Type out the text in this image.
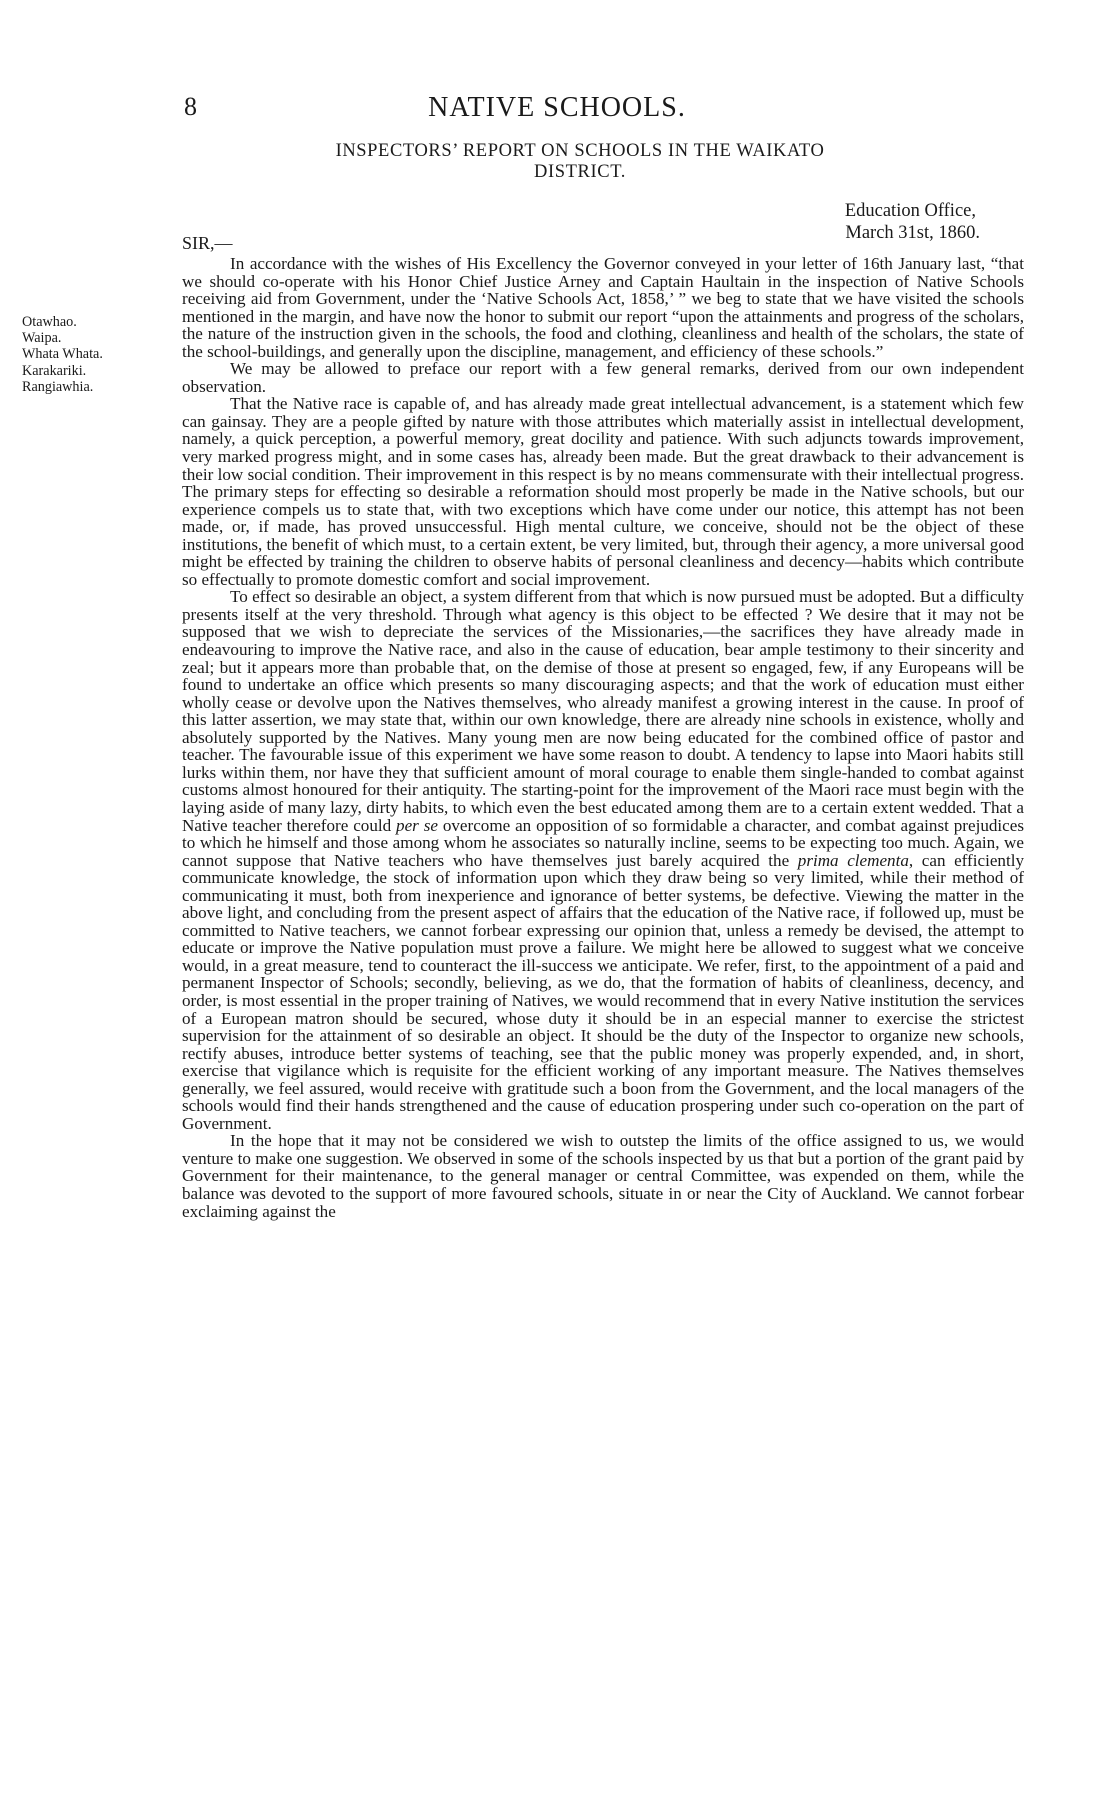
8	NATIVE SCHOOLS.
INSPECTORS’ REPORT ON SCHOOLS IN THE WAIKATO DISTRICT.
Education Office,
March 31st, 1860.
SIR,—
Otawhao.
Waipa.
Whata Whata.
Karakariki.
Rangiawhia.

In accordance with the wishes of His Excellency the Governor conveyed in your letter of 16th January last, “that we should co-operate with his Honor Chief Justice Arney and Captain Haultain in the inspection of Native Schools receiving aid from Government, under the ‘Native Schools Act, 1858,’ ” we beg to state that we have visited the schools mentioned in the margin, and have now the honor to submit our report “upon the attainments and progress of the scholars, the nature of the instruction given in the schools, the food and clothing, cleanliness and health of the scholars, the state of the school-buildings, and generally upon the discipline, management, and efficiency of these schools.”

We may be allowed to preface our report with a few general remarks, derived from our own independent observation.

That the Native race is capable of, and has already made great intellectual advancement, is a statement which few can gainsay. They are a people gifted by nature with those attributes which materially assist in intellectual development, namely, a quick perception, a powerful memory, great docility and patience. With such adjuncts towards improvement, very marked progress might, and in some cases has, already been made. But the great drawback to their advancement is their low social condition. Their improvement in this respect is by no means commensurate with their intellectual progress. The primary steps for effecting so desirable a reformation should most properly be made in the Native schools, but our experience compels us to state that, with two exceptions which have come under our notice, this attempt has not been made, or, if made, has proved unsuccessful. High mental culture, we conceive, should not be the object of these institutions, the benefit of which must, to a certain extent, be very limited, but, through their agency, a more universal good might be effected by training the children to observe habits of personal cleanliness and decency—habits which contribute so effectually to promote domestic comfort and social improvement.

To effect so desirable an object, a system different from that which is now pursued must be adopted. But a difficulty presents itself at the very threshold. Through what agency is this object to be effected ? We desire that it may not be supposed that we wish to depreciate the services of the Missionaries,—the sacrifices they have already made in endeavouring to improve the Native race, and also in the cause of education, bear ample testimony to their sincerity and zeal; but it appears more than probable that, on the demise of those at present so engaged, few, if any Europeans will be found to undertake an office which presents so many discouraging aspects; and that the work of education must either wholly cease or devolve upon the Natives themselves, who already manifest a growing interest in the cause. In proof of this latter assertion, we may state that, within our own knowledge, there are already nine schools in existence, wholly and absolutely supported by the Natives. Many young men are now being educated for the combined office of pastor and teacher. The favourable issue of this experiment we have some reason to doubt. A tendency to lapse into Maori habits still lurks within them, nor have they that sufficient amount of moral courage to enable them single-handed to combat against customs almost honoured for their antiquity. The starting-point for the improvement of the Maori race must begin with the laying aside of many lazy, dirty habits, to which even the best educated among them are to a certain extent wedded. That a Native teacher therefore could per se overcome an opposition of so formidable a character, and combat against prejudices to which he himself and those among whom he associates so naturally incline, seems to be expecting too much. Again, we cannot suppose that Native teachers who have themselves just barely acquired the prima clementa, can efficiently communicate knowledge, the stock of information upon which they draw being so very limited, while their method of communicating it must, both from inexperience and ignorance of better systems, be defective. Viewing the matter in the above light, and concluding from the present aspect of affairs that the education of the Native race, if followed up, must be committed to Native teachers, we cannot forbear expressing our opinion that, unless a remedy be devised, the attempt to educate or improve the Native population must prove a failure. We might here be allowed to suggest what we conceive would, in a great measure, tend to counteract the ill-success we anticipate. We refer, first, to the appointment of a paid and permanent Inspector of Schools; secondly, believing, as we do, that the formation of habits of cleanliness, decency, and order, is most essential in the proper training of Natives, we would recommend that in every Native institution the services of a European matron should be secured, whose duty it should be in an especial manner to exercise the strictest supervision for the attainment of so desirable an object. It should be the duty of the Inspector to organize new schools, rectify abuses, introduce better systems of teaching, see that the public money was properly expended, and, in short, exercise that vigilance which is requisite for the efficient working of any important measure. The Natives themselves generally, we feel assured, would receive with gratitude such a boon from the Government, and the local managers of the schools would find their hands strengthened and the cause of education prospering under such co-operation on the part of Government.

In the hope that it may not be considered we wish to outstep the limits of the office assigned to us, we would venture to make one suggestion. We observed in some of the schools inspected by us that but a portion of the grant paid by Government for their maintenance, to the general manager or central Committee, was expended on them, while the balance was devoted to the support of more favoured schools, situate in or near the City of Auckland. We cannot forbear exclaiming against the
